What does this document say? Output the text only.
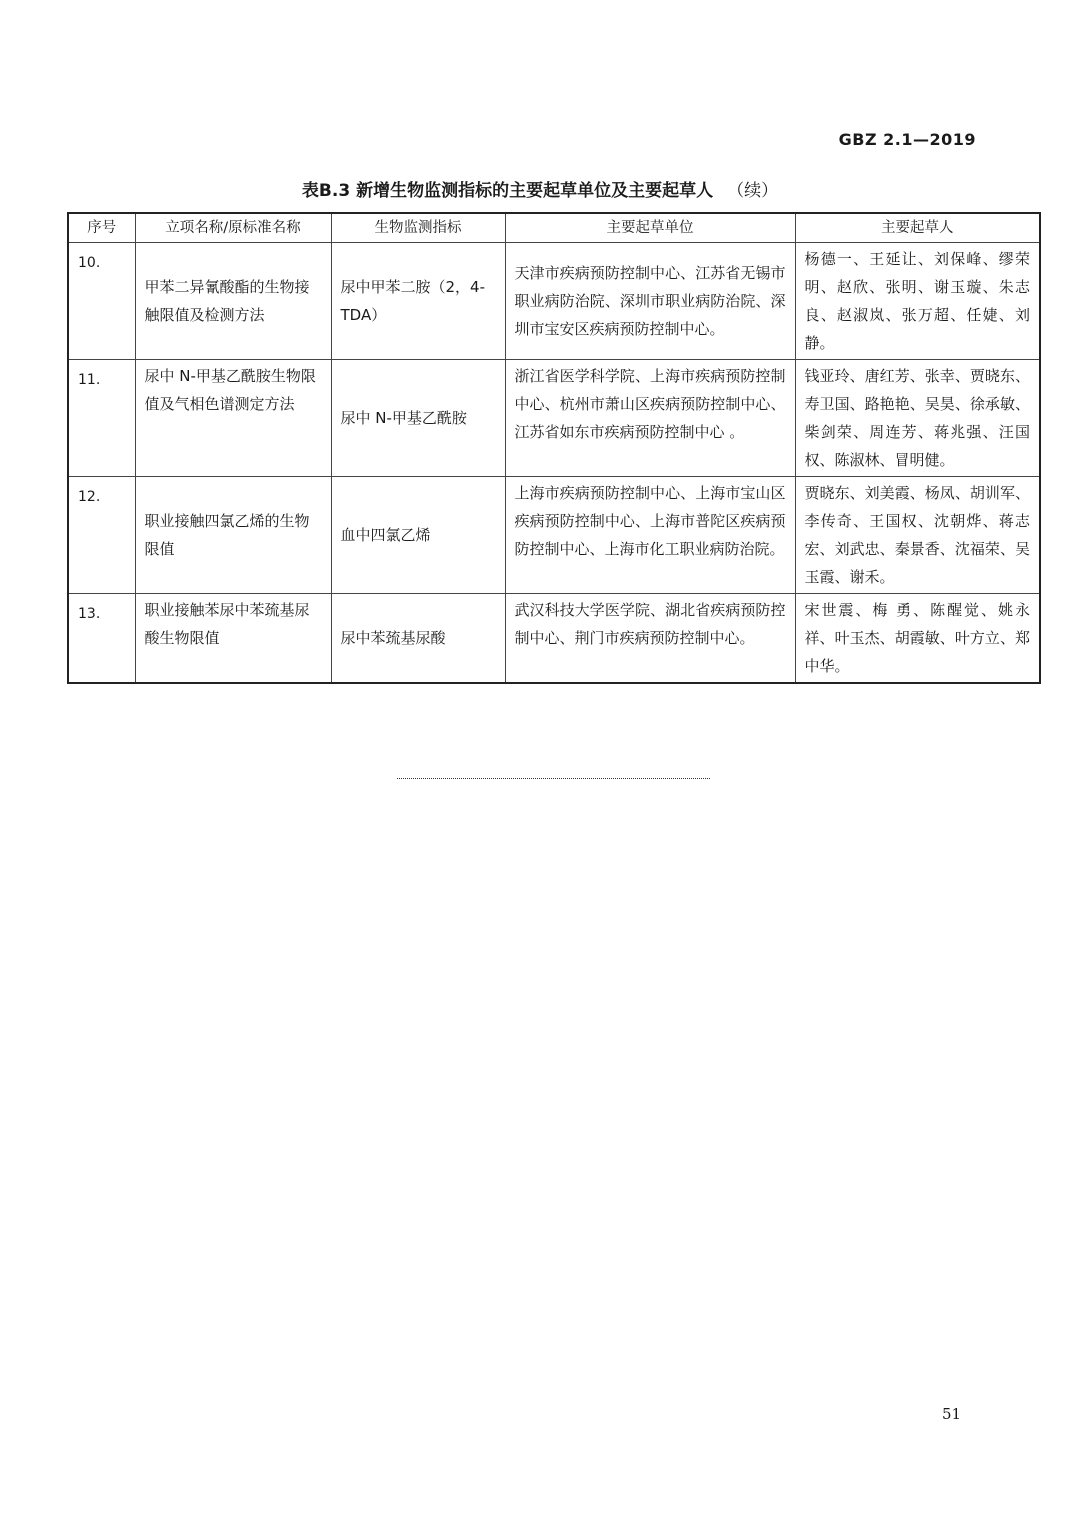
GBZ 2.1—2019
表B.3 新增生物监测指标的主要起草单位及主要起草人 （续）
序号	立项名称/原标准名称	生物监测指标	主要起草单位	主要起草人
10.	甲苯二异氰酸酯的生物接触限值及检测方法	尿中甲苯二胺（2，4-TDA）	天津市疾病预防控制中心、江苏省无锡市职业病防治院、深圳市职业病防治院、深圳市宝安区疾病预防控制中心。	杨德一、王延让、刘保峰、缪荣明、赵欣、张明、谢玉璇、朱志良、赵淑岚、张万超、任婕、刘静。
11.	尿中 N-甲基乙酰胺生物限值及气相色谱测定方法	尿中 N-甲基乙酰胺	浙江省医学科学院、上海市疾病预防控制中心、杭州市萧山区疾病预防控制中心、江苏省如东市疾病预防控制中心 。	钱亚玲、唐红芳、张幸、贾晓东、寿卫国、路艳艳、吴昊、徐承敏、柴剑荣、周连芳、蒋兆强、汪国权、陈淑林、冒明健。
12.	职业接触四氯乙烯的生物限值	血中四氯乙烯	上海市疾病预防控制中心、上海市宝山区疾病预防控制中心、上海市普陀区疾病预防控制中心、上海市化工职业病防治院。	贾晓东、刘美霞、杨凤、胡训军、李传奇、王国权、沈朝烨、蒋志宏、刘武忠、秦景香、沈福荣、吴玉霞、谢禾。
13.	职业接触苯尿中苯巯基尿酸生物限值	尿中苯巯基尿酸	武汉科技大学医学院、湖北省疾病预防控制中心、荆门市疾病预防控制中心。	宋世震、梅 勇、陈醒觉、姚永祥、叶玉杰、胡霞敏、叶方立、郑中华。
51
